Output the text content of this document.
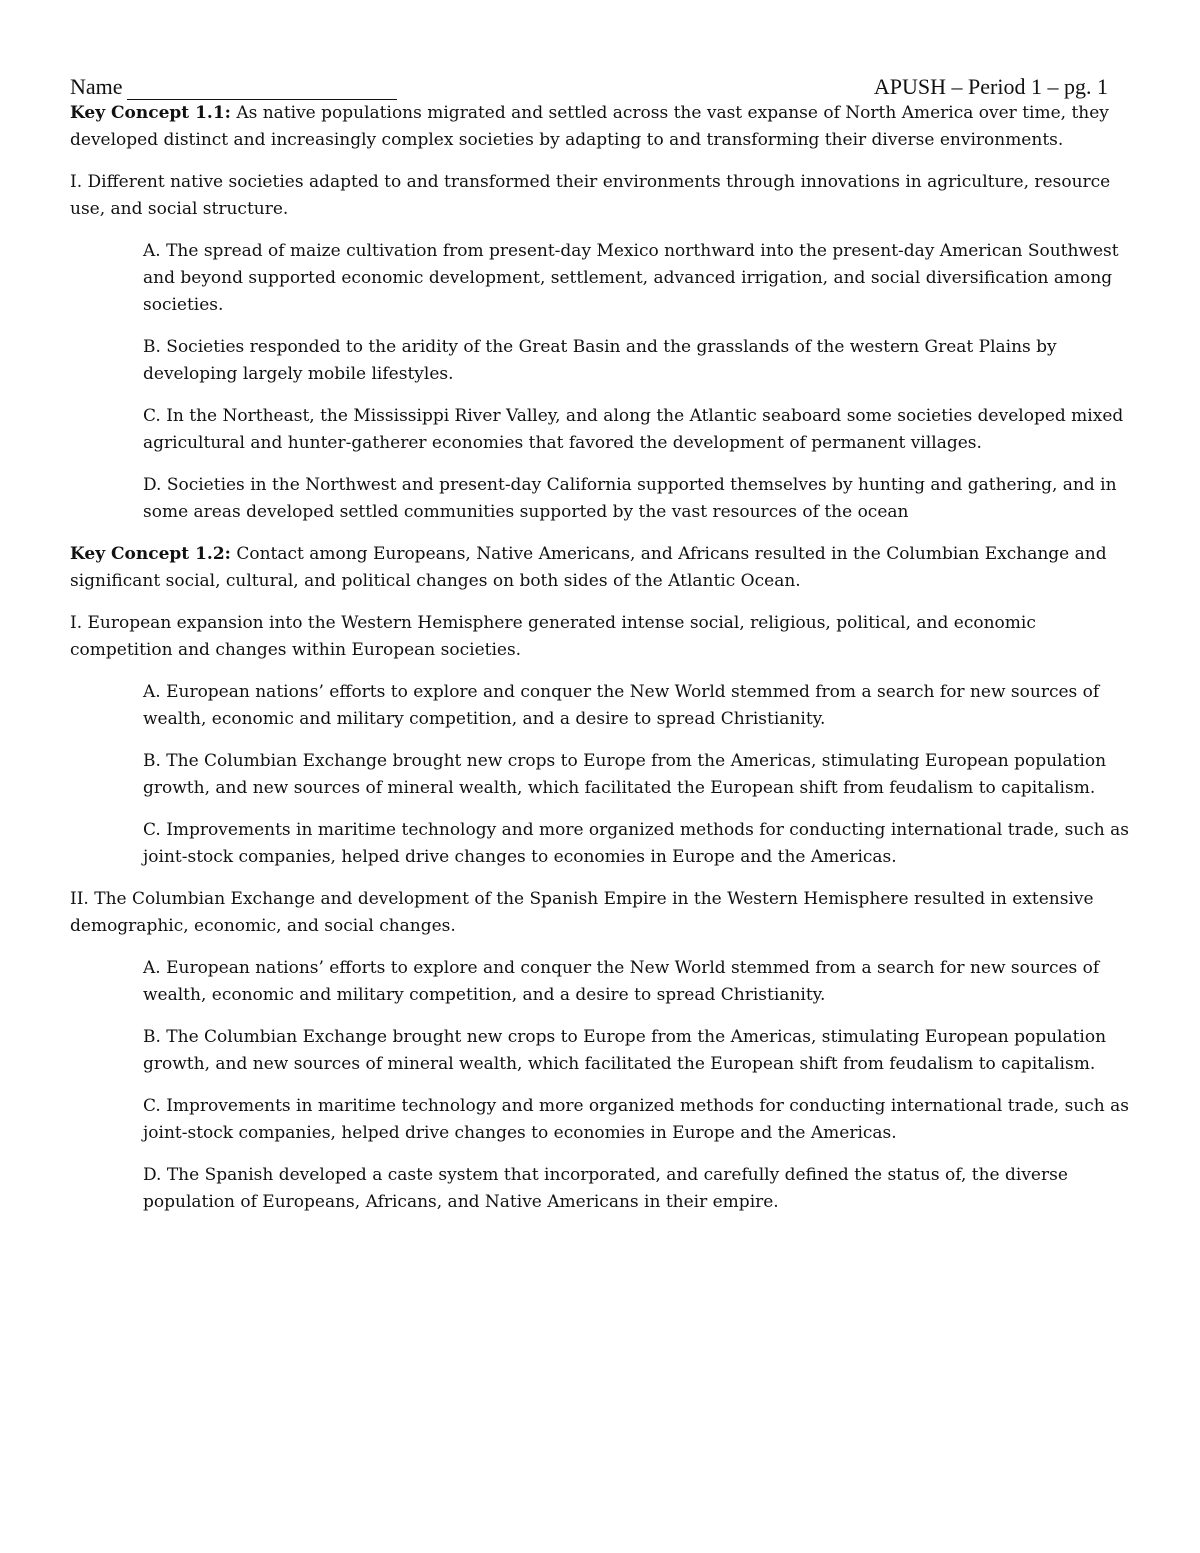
Name	APUSH – Period 1 – pg. 1

Key Concept 1.1: As native populations migrated and settled across the vast expanse of North America over time, they developed distinct and increasingly complex societies by adapting to and transforming their diverse environments.

I. Different native societies adapted to and transformed their environments through innovations in agriculture, resource use, and social structure.

A. The spread of maize cultivation from present-day Mexico northward into the present-day American Southwest and beyond supported economic development, settlement, advanced irrigation, and social diversification among societies.

B. Societies responded to the aridity of the Great Basin and the grasslands of the western Great Plains by developing largely mobile lifestyles.

C. In the Northeast, the Mississippi River Valley, and along the Atlantic seaboard some societies developed mixed agricultural and hunter-gatherer economies that favored the development of permanent villages.

D. Societies in the Northwest and present-day California supported themselves by hunting and gathering, and in some areas developed settled communities supported by the vast resources of the ocean

Key Concept 1.2: Contact among Europeans, Native Americans, and Africans resulted in the Columbian Exchange and significant social, cultural, and political changes on both sides of the Atlantic Ocean.

I. European expansion into the Western Hemisphere generated intense social, religious, political, and economic competition and changes within European societies.

A. European nations’ efforts to explore and conquer the New World stemmed from a search for new sources of wealth, economic and military competition, and a desire to spread Christianity.

B. The Columbian Exchange brought new crops to Europe from the Americas, stimulating European population growth, and new sources of mineral wealth, which facilitated the European shift from feudalism to capitalism.

C. Improvements in maritime technology and more organized methods for conducting international trade, such as joint-stock companies, helped drive changes to economies in Europe and the Americas.

II. The Columbian Exchange and development of the Spanish Empire in the Western Hemisphere resulted in extensive demographic, economic, and social changes.

A. European nations’ efforts to explore and conquer the New World stemmed from a search for new sources of wealth, economic and military competition, and a desire to spread Christianity.

B. The Columbian Exchange brought new crops to Europe from the Americas, stimulating European population growth, and new sources of mineral wealth, which facilitated the European shift from feudalism to capitalism.

C. Improvements in maritime technology and more organized methods for conducting international trade, such as joint-stock companies, helped drive changes to economies in Europe and the Americas.

D. The Spanish developed a caste system that incorporated, and carefully defined the status of, the diverse population of Europeans, Africans, and Native Americans in their empire.
